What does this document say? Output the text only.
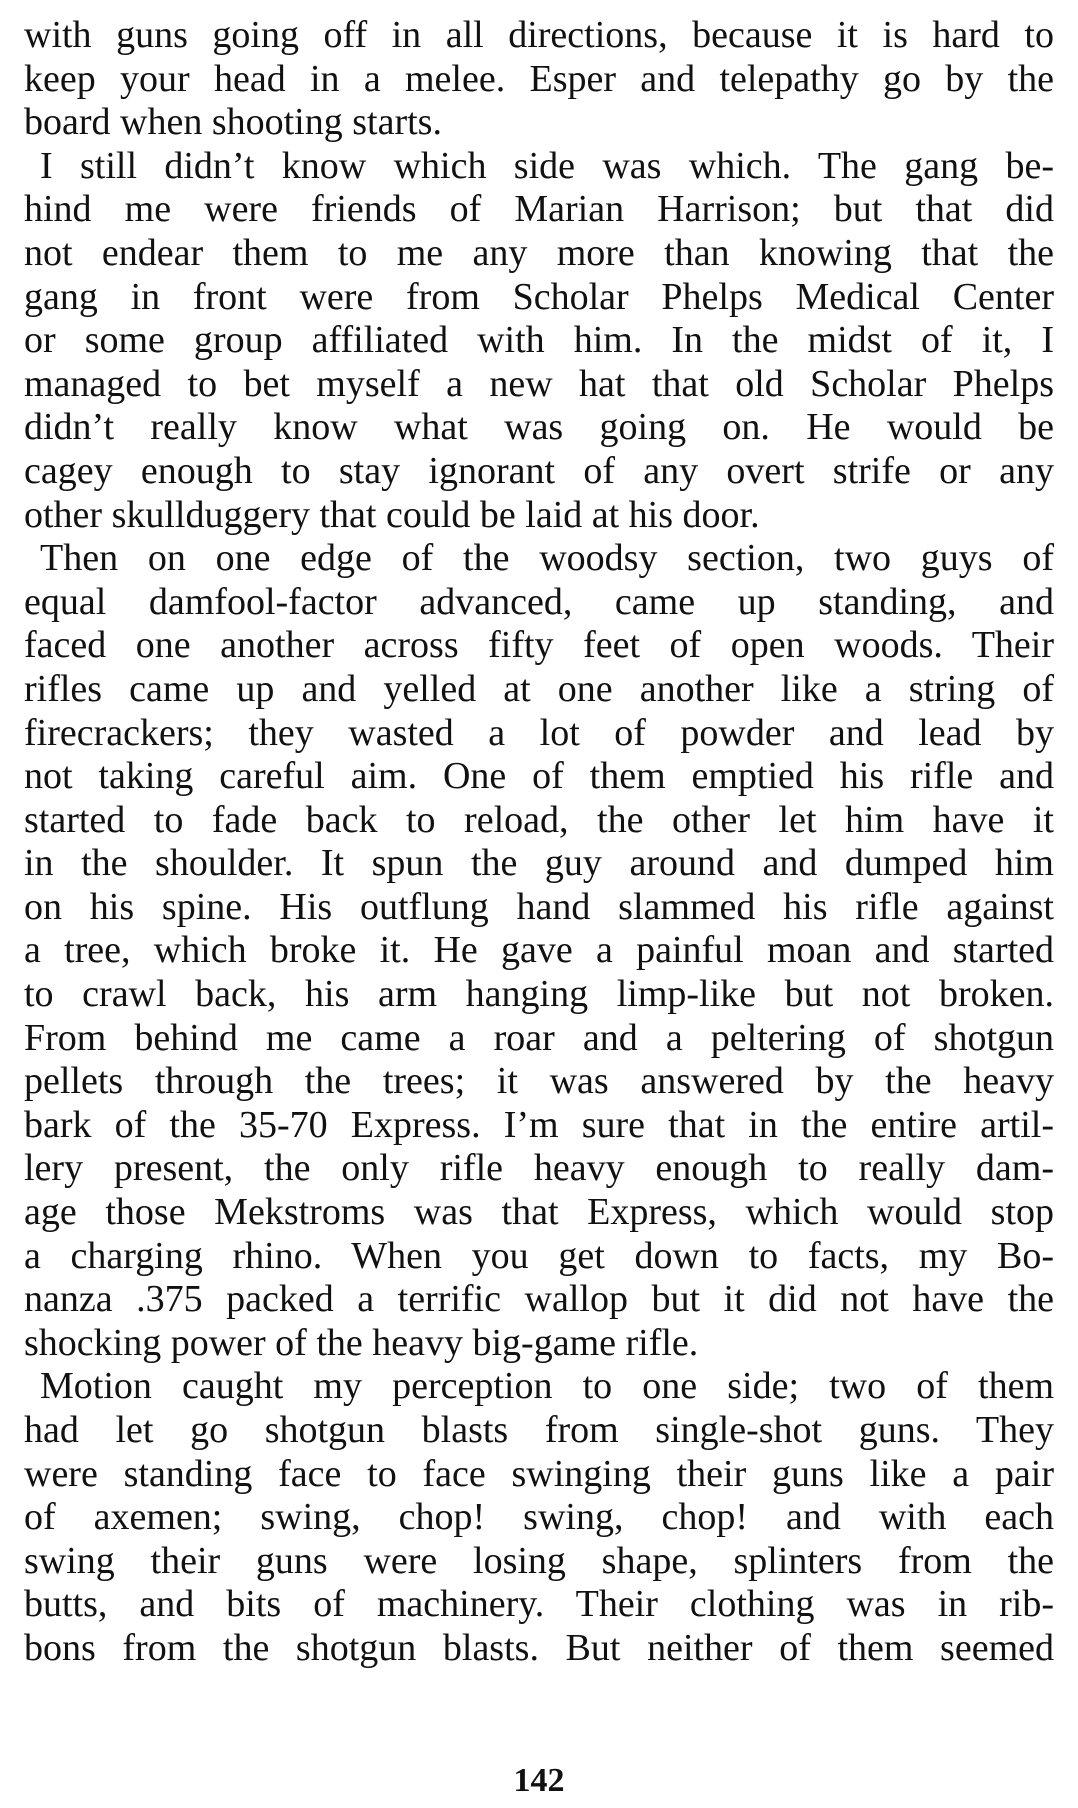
with guns going off in all directions, because it is hard to
keep your head in a melee. Esper and telepathy go by the
board when shooting starts.
I still didn’t know which side was which. The gang be-
hind me were friends of Marian Harrison; but that did
not endear them to me any more than knowing that the
gang in front were from Scholar Phelps Medical Center
or some group affiliated with him. In the midst of it, I
managed to bet myself a new hat that old Scholar Phelps
didn’t really know what was going on. He would be
cagey enough to stay ignorant of any overt strife or any
other skullduggery that could be laid at his door.
Then on one edge of the woodsy section, two guys of
equal damfool-factor advanced, came up standing, and
faced one another across fifty feet of open woods. Their
rifles came up and yelled at one another like a string of
firecrackers; they wasted a lot of powder and lead by
not taking careful aim. One of them emptied his rifle and
started to fade back to reload, the other let him have it
in the shoulder. It spun the guy around and dumped him
on his spine. His outflung hand slammed his rifle against
a tree, which broke it. He gave a painful moan and started
to crawl back, his arm hanging limp-like but not broken.
From behind me came a roar and a peltering of shotgun
pellets through the trees; it was answered by the heavy
bark of the 35-70 Express. I’m sure that in the entire artil-
lery present, the only rifle heavy enough to really dam-
age those Mekstroms was that Express, which would stop
a charging rhino. When you get down to facts, my Bo-
nanza .375 packed a terrific wallop but it did not have the
shocking power of the heavy big-game rifle.
Motion caught my perception to one side; two of them
had let go shotgun blasts from single-shot guns. They
were standing face to face swinging their guns like a pair
of axemen; swing, chop! swing, chop! and with each
swing their guns were losing shape, splinters from the
butts, and bits of machinery. Their clothing was in rib-
bons from the shotgun blasts. But neither of them seemed
142
